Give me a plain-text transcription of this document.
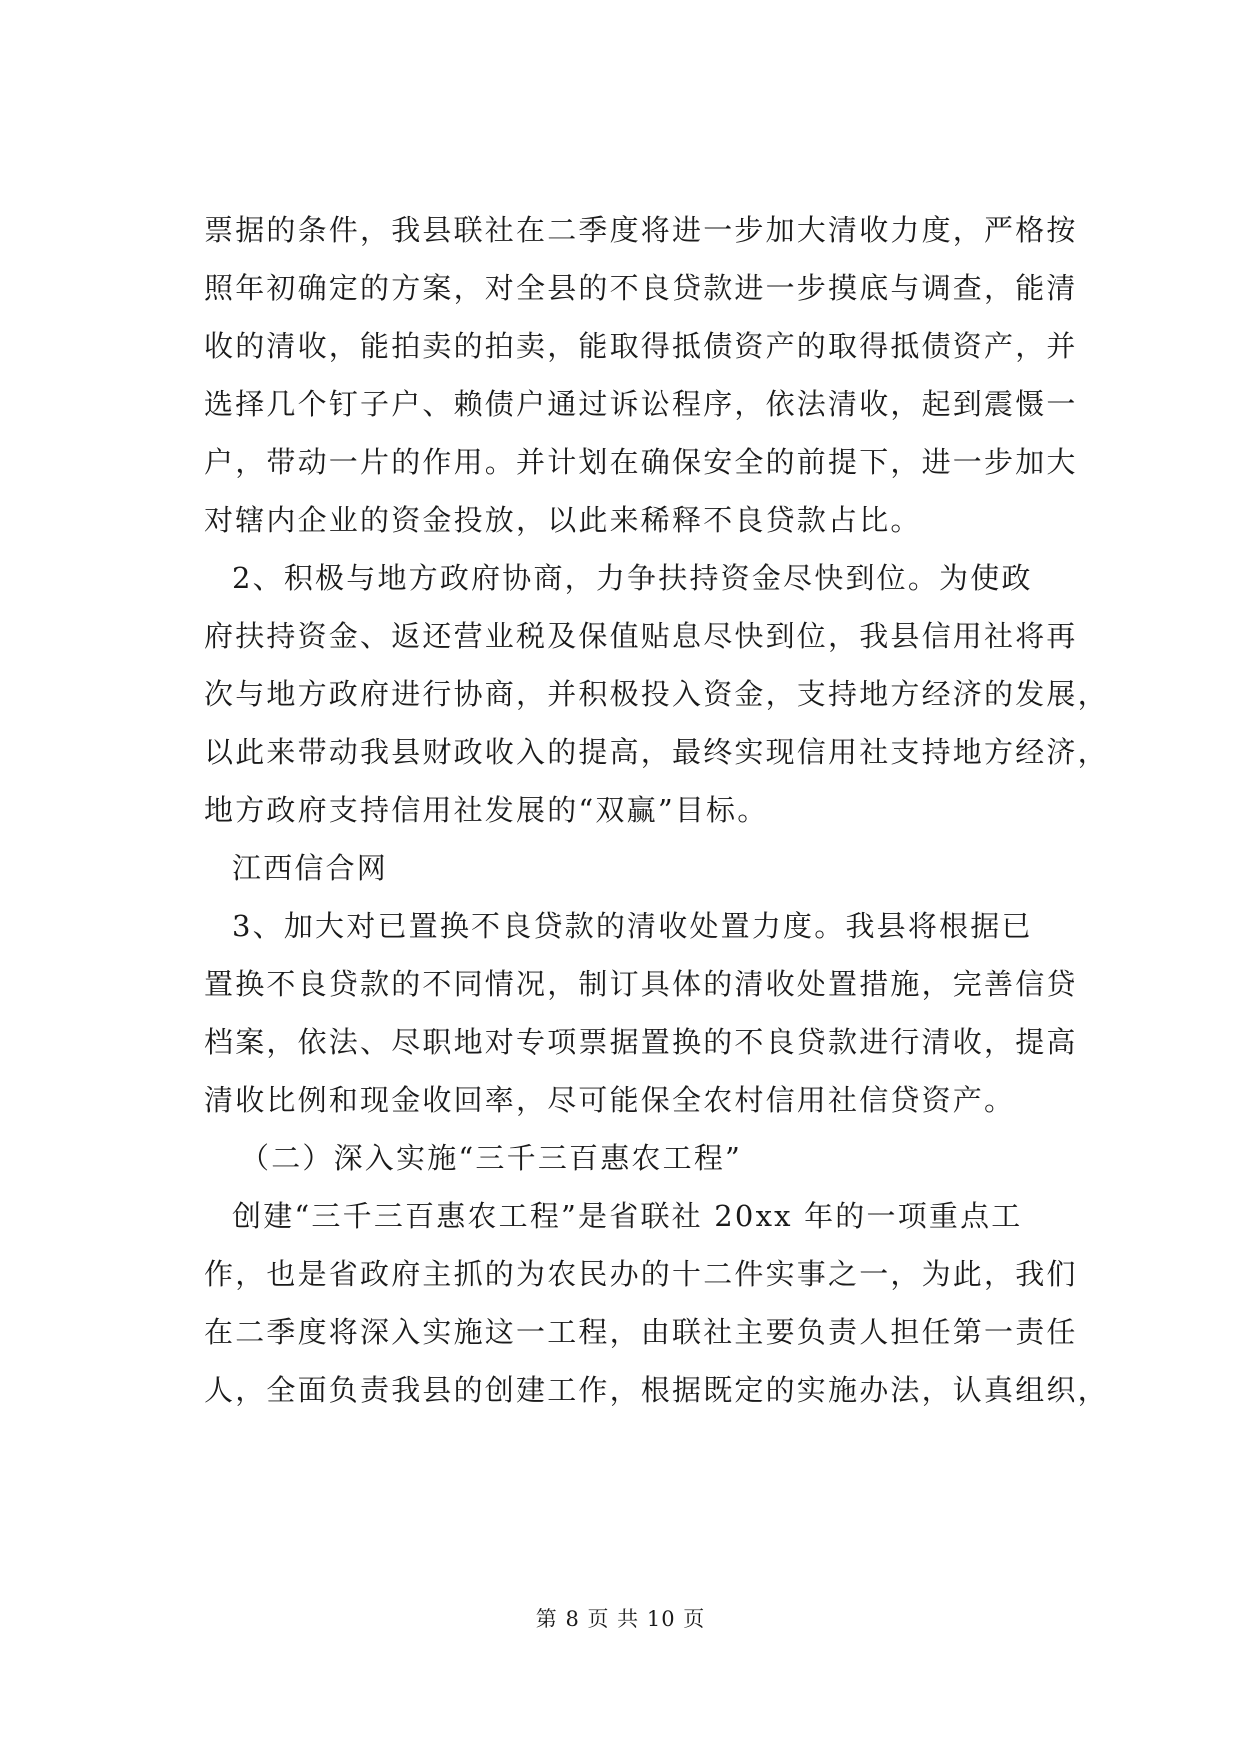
票据的条件，我县联社在二季度将进一步加大清收力度，严格按
照年初确定的方案，对全县的不良贷款进一步摸底与调查，能清
收的清收，能拍卖的拍卖，能取得抵债资产的取得抵债资产，并
选择几个钉子户、赖债户通过诉讼程序，依法清收，起到震慑一
户，带动一片的作用。并计划在确保安全的前提下，进一步加大
对辖内企业的资金投放，以此来稀释不良贷款占比。
2、积极与地方政府协商，力争扶持资金尽快到位。为使政
府扶持资金、返还营业税及保值贴息尽快到位，我县信用社将再
次与地方政府进行协商，并积极投入资金，支持地方经济的发展，
以此来带动我县财政收入的提高，最终实现信用社支持地方经济，
地方政府支持信用社发展的“双赢”目标。
江西信合网
3、加大对已置换不良贷款的清收处置力度。我县将根据已
置换不良贷款的不同情况，制订具体的清收处置措施，完善信贷
档案，依法、尽职地对专项票据置换的不良贷款进行清收，提高
清收比例和现金收回率，尽可能保全农村信用社信贷资产。
（二）深入实施“三千三百惠农工程”
创建“三千三百惠农工程”是省联社 20xx 年的一项重点工
作，也是省政府主抓的为农民办的十二件实事之一，为此，我们
在二季度将深入实施这一工程，由联社主要负责人担任第一责任
人，全面负责我县的创建工作，根据既定的实施办法，认真组织，
第 8 页 共 10 页
